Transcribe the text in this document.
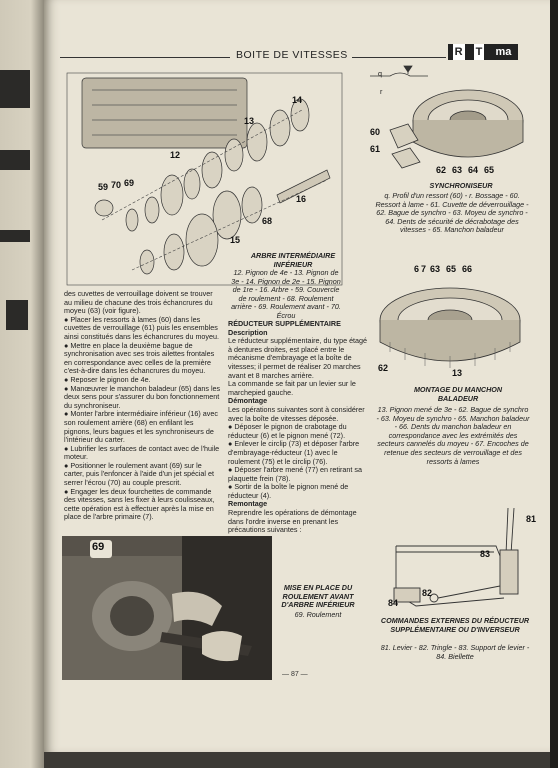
BOITE DE VITESSES	R T ma
14
13
12
59 70 69
16
68
15
ARBRE INTERMÉDIAIRE INFÉRIEUR
12. Pignon de 4e - 13. Pignon de 3e - 14. Pignon de 2e - 15. Pignon de 1re - 16. Arbre - 59. Couvercle de roulement - 68. Roulement arrière - 69. Roulement avant - 70. Écrou
q
r
60
61
62 63 64 65
SYNCHRONISEUR
q. Profil d'un ressort (60) - r. Bossage - 60. Ressort à lame - 61. Cuvette de déverrouillage - 62. Bague de synchro - 63. Moyeu de synchro - 64. Dents de sécurité de décrabotage des vitesses - 65. Manchon baladeur
67 63 65 66
62	13
MONTAGE DU MANCHON BALADEUR
13. Pignon mené de 3e - 62. Bague de synchro - 63. Moyeu de synchro - 65. Manchon baladeur - 66. Dents du manchon baladeur en correspondance avec les extrémités des secteurs cannelés du moyeu - 67. Encoches de retenue des secteurs de verrouillage et des ressorts à lames
81
83
84
82
COMMANDES EXTERNES DU RÉDUCTEUR SUPPLÉMENTAIRE OU D'INVERSEUR
81. Levier - 82. Tringle - 83. Support de levier - 84. Biellette
des cuvettes de verrouillage doivent se trouver au milieu de chacune des trois échancrures du moyeu (63) (voir figure).
● Placer les ressorts à lames (60) dans les cuvettes de verrouillage (61) puis les ensembles ainsi constitués dans les échancrures du moyeu.
● Mettre en place la deuxième bague de synchronisation avec ses trois ailettes frontales en correspondance avec celles de la première c'est-à-dire dans les échancrures du moyeu.
● Reposer le pignon de 4e.
● Manœuvrer le manchon baladeur (65) dans les deux sens pour s'assurer du bon fonctionnement du synchroniseur.
● Monter l'arbre intermédiaire inférieur (16) avec son roulement arrière (68) en enfilant les pignons, leurs bagues et les synchroniseurs de l'intérieur du carter.
● Lubrifier les surfaces de contact avec de l'huile moteur.
● Positionner le roulement avant (69) sur le carter, puis l'enfoncer à l'aide d'un jet spécial et serrer l'écrou (70) au couple prescrit.
● Engager les deux fourchettes de commande des vitesses, sans les fixer à leurs coulisseaux, cette opération est à effectuer après la mise en place de l'arbre primaire (7).
RÉDUCTEUR SUPPLÉMENTAIRE
Description
Le réducteur supplémentaire, du type étagé à dentures droites, est placé entre le mécanisme d'embrayage et la boîte de vitesses; il permet de réaliser 20 marches avant et 8 marches arrière.
La commande se fait par un levier sur le marchepied gauche.
Démontage
Les opérations suivantes sont à considérer avec la boîte de vitesses déposée.
● Déposer le pignon de crabotage du réducteur (6) et le pignon mené (72).
● Enlever le circlip (73) et déposer l'arbre d'embrayage-réducteur (1) avec le roulement (75) et le circlip (76).
● Déposer l'arbre mené (77) en retirant sa plaquette frein (78).
● Sortir de la boîte le pignon mené de réducteur (4).
Remontage
Reprendre les opérations de démontage dans l'ordre inverse en prenant les précautions suivantes :
69
MISE EN PLACE DU ROULEMENT AVANT D'ARBRE INFÉRIEUR
69. Roulement
— 87 —
